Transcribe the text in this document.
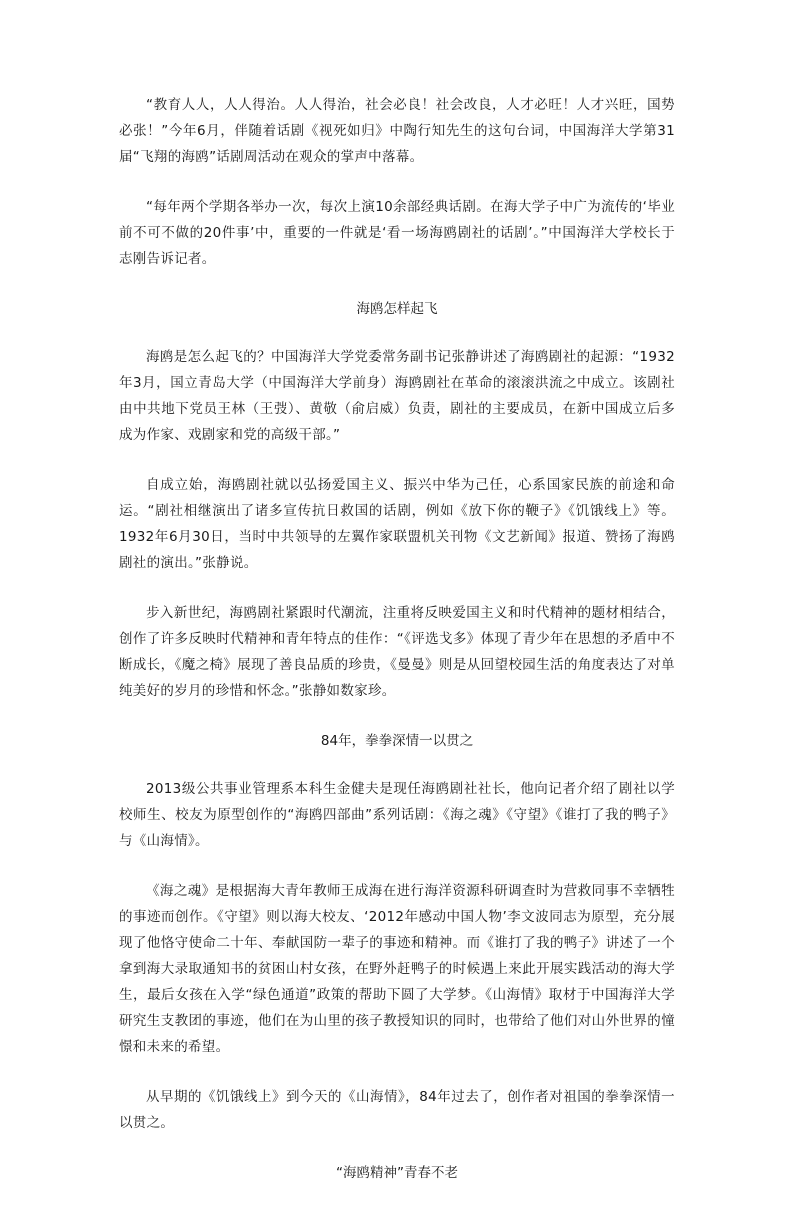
“教育人人，人人得治。人人得治，社会必良！社会改良，人才必旺！人才兴旺，国势必张！”今年6月，伴随着话剧《视死如归》中陶行知先生的这句台词，中国海洋大学第31届“飞翔的海鸥”话剧周活动在观众的掌声中落幕。

“每年两个学期各举办一次，每次上演10余部经典话剧。在海大学子中广为流传的‘毕业前不可不做的20件事’中，重要的一件就是‘看一场海鸥剧社的话剧’。”中国海洋大学校长于志刚告诉记者。

海鸥怎样起飞

海鸥是怎么起飞的？中国海洋大学党委常务副书记张静讲述了海鸥剧社的起源：“1932年3月，国立青岛大学（中国海洋大学前身）海鸥剧社在革命的滚滚洪流之中成立。该剧社由中共地下党员王林（王弢）、黄敬（俞启威）负责，剧社的主要成员，在新中国成立后多成为作家、戏剧家和党的高级干部。”

自成立始，海鸥剧社就以弘扬爱国主义、振兴中华为己任，心系国家民族的前途和命运。“剧社相继演出了诸多宣传抗日救国的话剧，例如《放下你的鞭子》《饥饿线上》等。1932年6月30日，当时中共领导的左翼作家联盟机关刊物《文艺新闻》报道、赞扬了海鸥剧社的演出。”张静说。

步入新世纪，海鸥剧社紧跟时代潮流，注重将反映爱国主义和时代精神的题材相结合，创作了许多反映时代精神和青年特点的佳作：“《评选戈多》体现了青少年在思想的矛盾中不断成长，《魔之椅》展现了善良品质的珍贵，《曼曼》则是从回望校园生活的角度表达了对单纯美好的岁月的珍惜和怀念。”张静如数家珍。

84年，拳拳深情一以贯之

2013级公共事业管理系本科生金健夫是现任海鸥剧社社长，他向记者介绍了剧社以学校师生、校友为原型创作的“海鸥四部曲”系列话剧：《海之魂》《守望》《谁打了我的鸭子》与《山海情》。

《海之魂》是根据海大青年教师王成海在进行海洋资源科研调查时为营救同事不幸牺牲的事迹而创作。《守望》则以海大校友、‘2012年感动中国人物’李文波同志为原型，充分展现了他恪守使命二十年、奉献国防一辈子的事迹和精神。而《谁打了我的鸭子》讲述了一个拿到海大录取通知书的贫困山村女孩，在野外赶鸭子的时候遇上来此开展实践活动的海大学生，最后女孩在入学“绿色通道”政策的帮助下圆了大学梦。《山海情》取材于中国海洋大学研究生支教团的事迹，他们在为山里的孩子教授知识的同时，也带给了他们对山外世界的憧憬和未来的希望。

从早期的《饥饿线上》到今天的《山海情》，84年过去了，创作者对祖国的拳拳深情一以贯之。

“海鸥精神”青春不老
